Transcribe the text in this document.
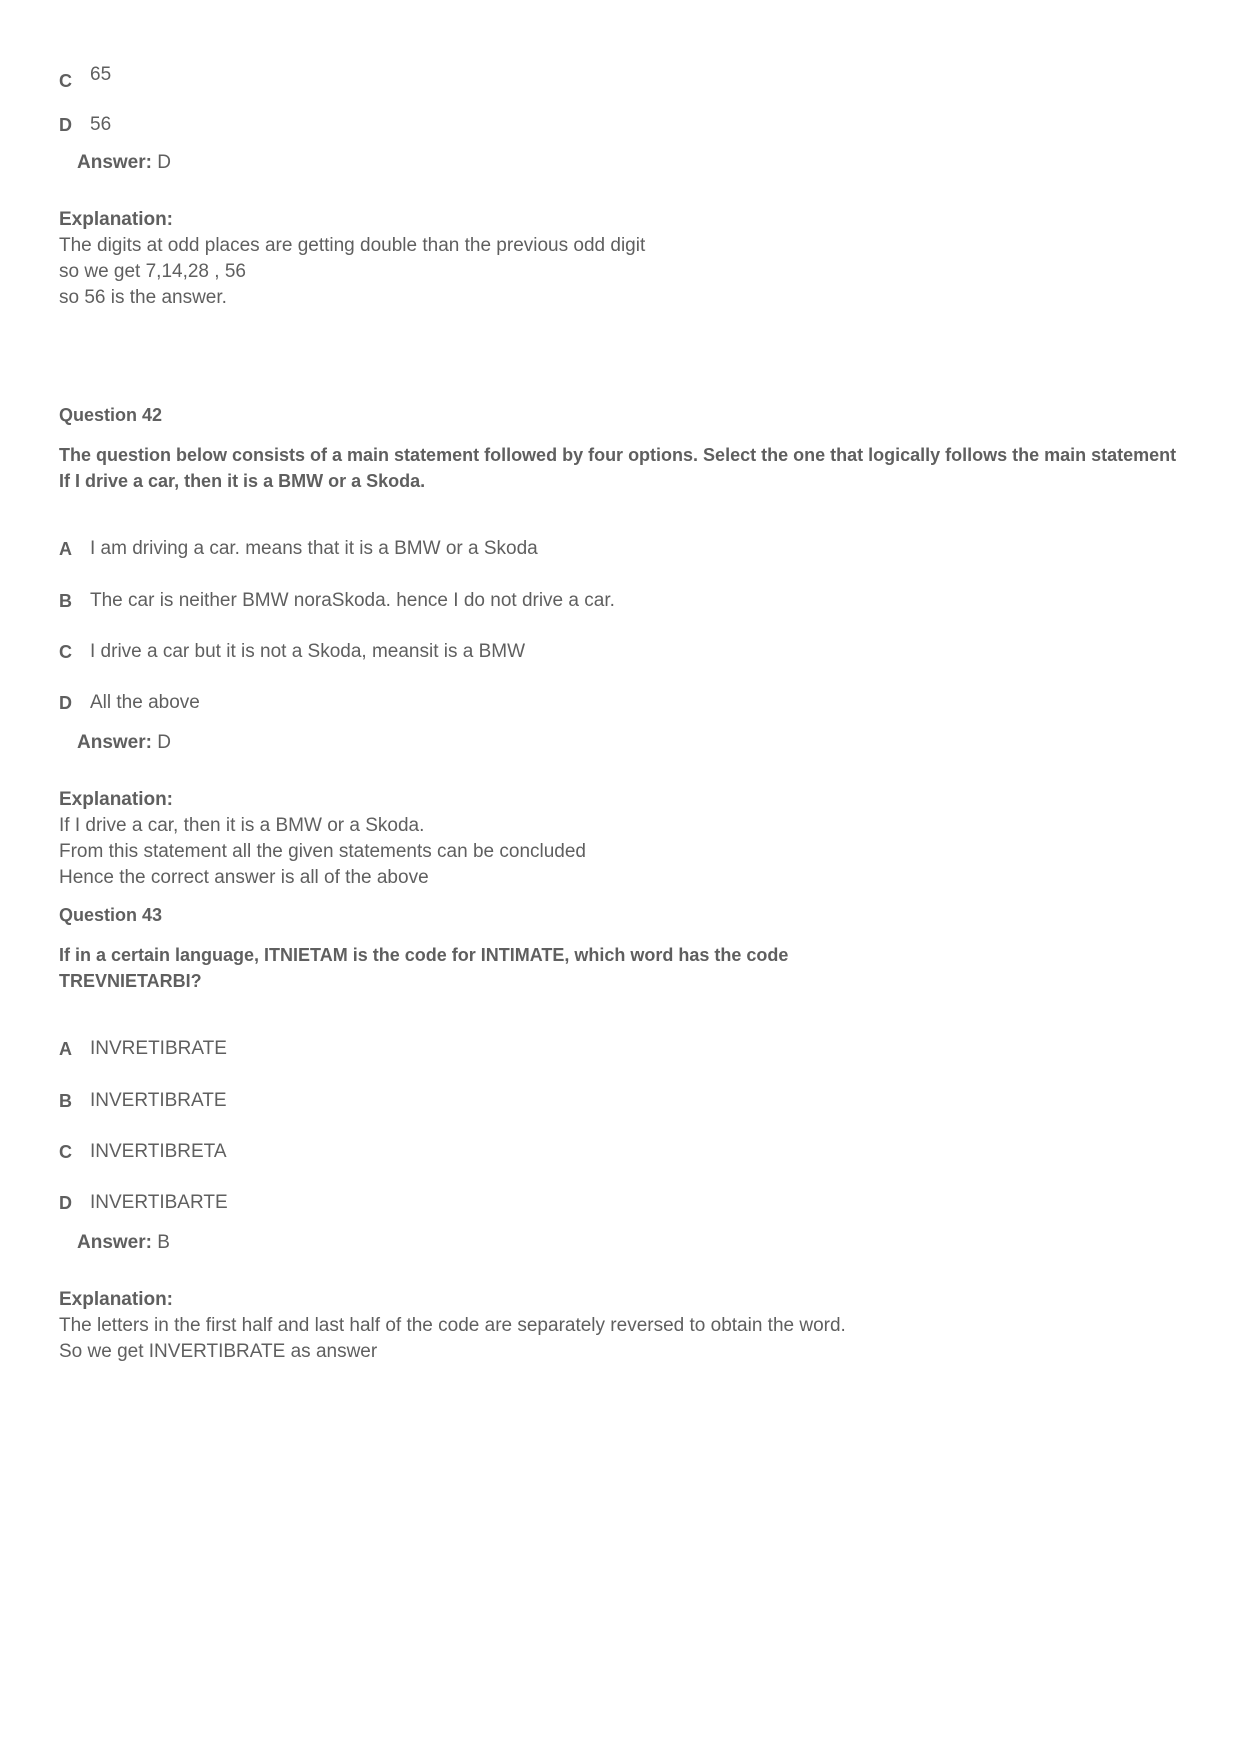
C 65
D 56
Answer: D
Explanation:
The digits at odd places are getting double than the previous odd digit
so we get 7,14,28 , 56
so 56 is the answer.
Question 42
The question below consists of a main statement followed by four options. Select the one that logically follows the main statement
If I drive a car, then it is a BMW or a Skoda.
A I am driving a car. means that it is a BMW or a Skoda
B The car is neither BMW noraSkoda. hence I do not drive a car.
C I drive a car but it is not a Skoda, meansit is a BMW
D All the above
Answer: D
Explanation:
If I drive a car, then it is a BMW or a Skoda.
From this statement all the given statements can be concluded
Hence the correct answer is all of the above
Question 43
If in a certain language, ITNIETAM is the code for INTIMATE, which word has the code
TREVNIETARBI?
A INVRETIBRATE
B INVERTIBRATE
C INVERTIBRETA
D INVERTIBARTE
Answer: B
Explanation:
The letters in the first half and last half of the code are separately reversed to obtain the word.
So we get INVERTIBRATE as answer
